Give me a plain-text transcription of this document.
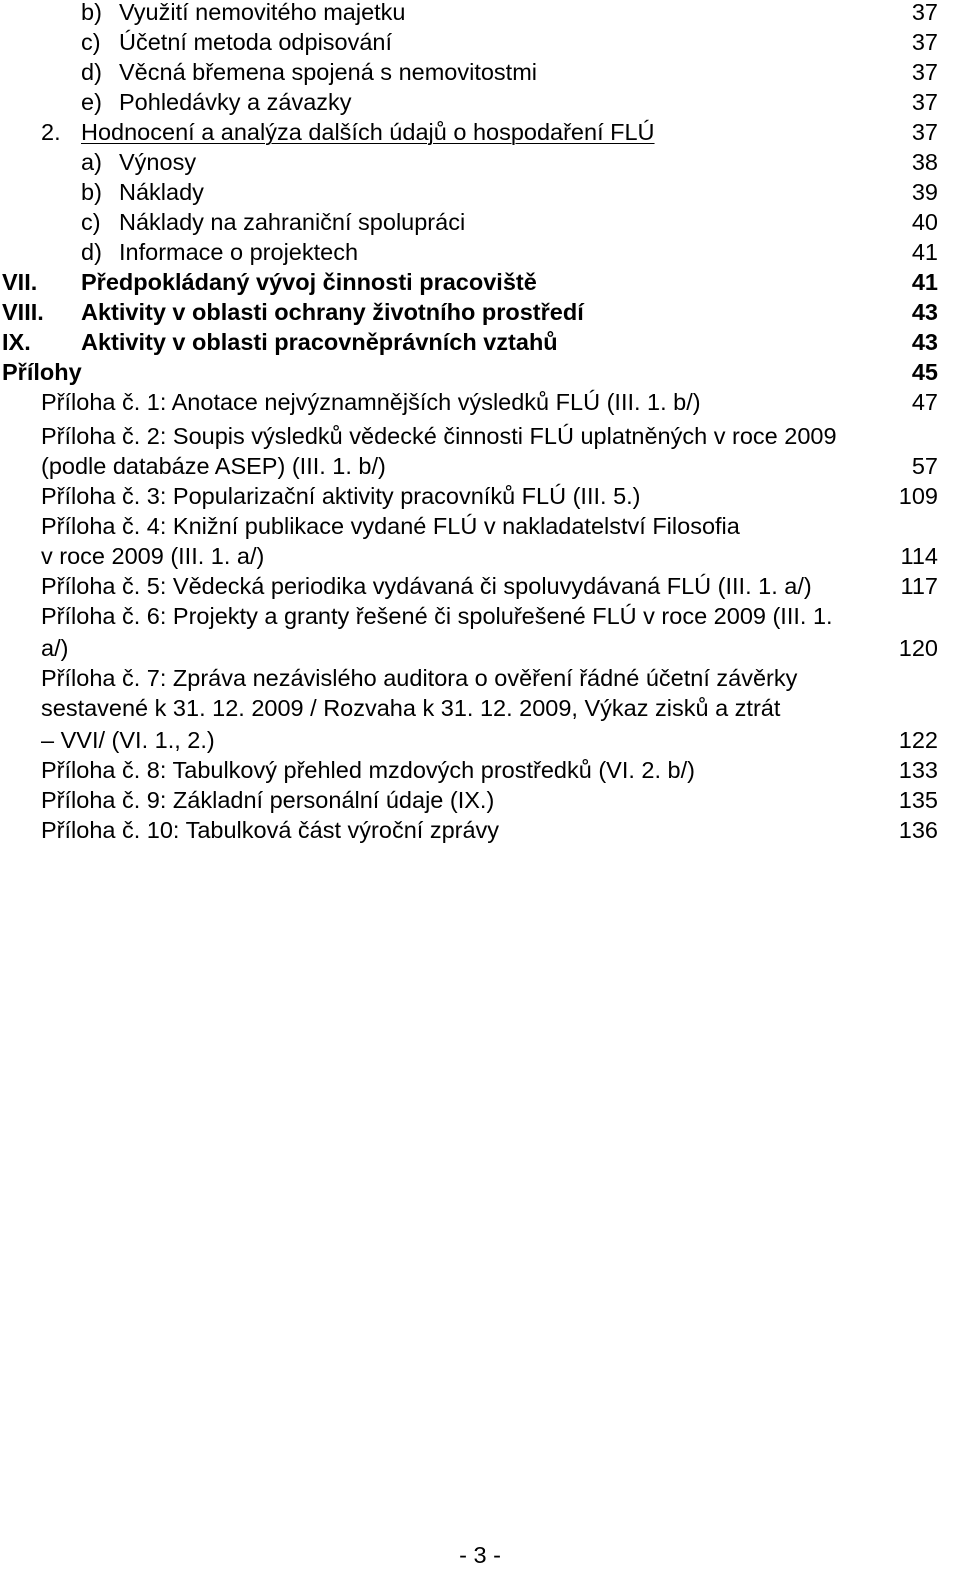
b) Využití nemovitého majetku	37
c) Účetní metoda odpisování	37
d) Věcná břemena spojená s nemovitostmi	37
e) Pohledávky a závazky	37
2. Hodnocení a analýza dalších údajů o hospodaření FLÚ	37
a) Výnosy	38
b) Náklady	39
c) Náklady na zahraniční spolupráci	40
d) Informace o projektech	41
VII. Předpokládaný vývoj činnosti pracoviště	41
VIII. Aktivity v oblasti ochrany životního prostředí	43
IX. Aktivity v oblasti pracovněprávních vztahů	43
Přílohy	45
Příloha č. 1: Anotace nejvýznamnějších výsledků FLÚ (III. 1. b/)	47
Příloha č. 2: Soupis výsledků vědecké činnosti FLÚ uplatněných v roce 2009
(podle databáze ASEP) (III. 1. b/)	57
Příloha č. 3: Popularizační aktivity pracovníků FLÚ (III. 5.)	109
Příloha č. 4: Knižní publikace vydané FLÚ v nakladatelství Filosofia
v roce 2009 (III. 1. a/)	114
Příloha č. 5: Vědecká periodika vydávaná či spoluvydávaná FLÚ (III. 1. a/)	117
Příloha č. 6: Projekty a granty řešené či spoluřešené FLÚ v roce 2009 (III. 1.
a/)	120
Příloha č. 7: Zpráva nezávislého auditora o ověření řádné účetní závěrky
sestavené k 31. 12. 2009 / Rozvaha k 31. 12. 2009, Výkaz zisků a ztrát
– VVI/ (VI. 1., 2.)	122
Příloha č. 8: Tabulkový přehled mzdových prostředků (VI. 2. b/)	133
Příloha č. 9: Základní personální údaje (IX.)	135
Příloha č. 10: Tabulková část výroční zprávy	136
- 3 -
